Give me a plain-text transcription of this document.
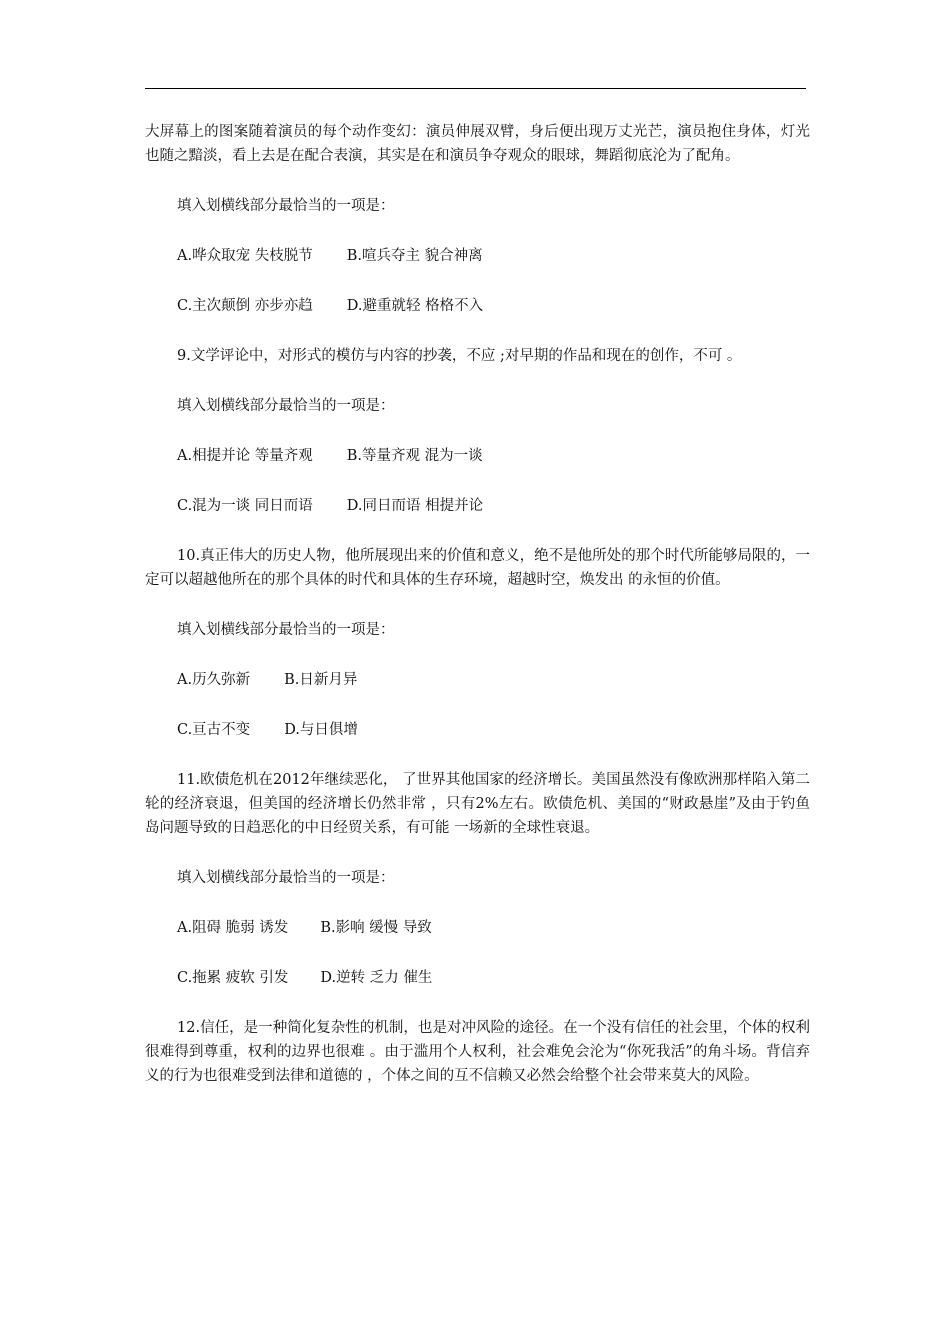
大屏幕上的图案随着演员的每个动作变幻：演员伸展双臂，身后便出现万丈光芒，演员抱住身体，灯光也随之黯淡，看上去是在配合表演，其实是在和演员争夺观众的眼球，舞蹈彻底沦为了配角。

填入划横线部分最恰当的一项是：
A.哗众取宠 失枝脱节 B.喧兵夺主 貌合神离
C.主次颠倒 亦步亦趋 D.避重就轻 格格不入

9.文学评论中，对形式的模仿与内容的抄袭，不应 ;对早期的作品和现在的创作，不可 。

填入划横线部分最恰当的一项是：
A.相提并论 等量齐观 B.等量齐观 混为一谈
C.混为一谈 同日而语 D.同日而语 相提并论

10.真正伟大的历史人物，他所展现出来的价值和意义，绝不是他所处的那个时代所能够局限的，一定可以超越他所在的那个具体的时代和具体的生存环境，超越时空，焕发出 的永恒的价值。

填入划横线部分最恰当的一项是：
A.历久弥新 B.日新月异
C.亘古不变 D.与日俱增

11.欧债危机在2012年继续恶化， 了世界其他国家的经济增长。美国虽然没有像欧洲那样陷入第二轮的经济衰退，但美国的经济增长仍然非常 ，只有2%左右。欧债危机、美国的“财政悬崖”及由于钓鱼岛问题导致的日趋恶化的中日经贸关系，有可能 一场新的全球性衰退。

填入划横线部分最恰当的一项是：
A.阻碍 脆弱 诱发 B.影响 缓慢 导致
C.拖累 疲软 引发 D.逆转 乏力 催生

12.信任，是一种简化复杂性的机制，也是对冲风险的途径。在一个没有信任的社会里，个体的权利很难得到尊重，权利的边界也很难 。由于滥用个人权利，社会难免会沦为“你死我活”的角斗场。背信弃义的行为也很难受到法律和道德的 ，个体之间的互不信赖又必然会给整个社会带来莫大的风险。
